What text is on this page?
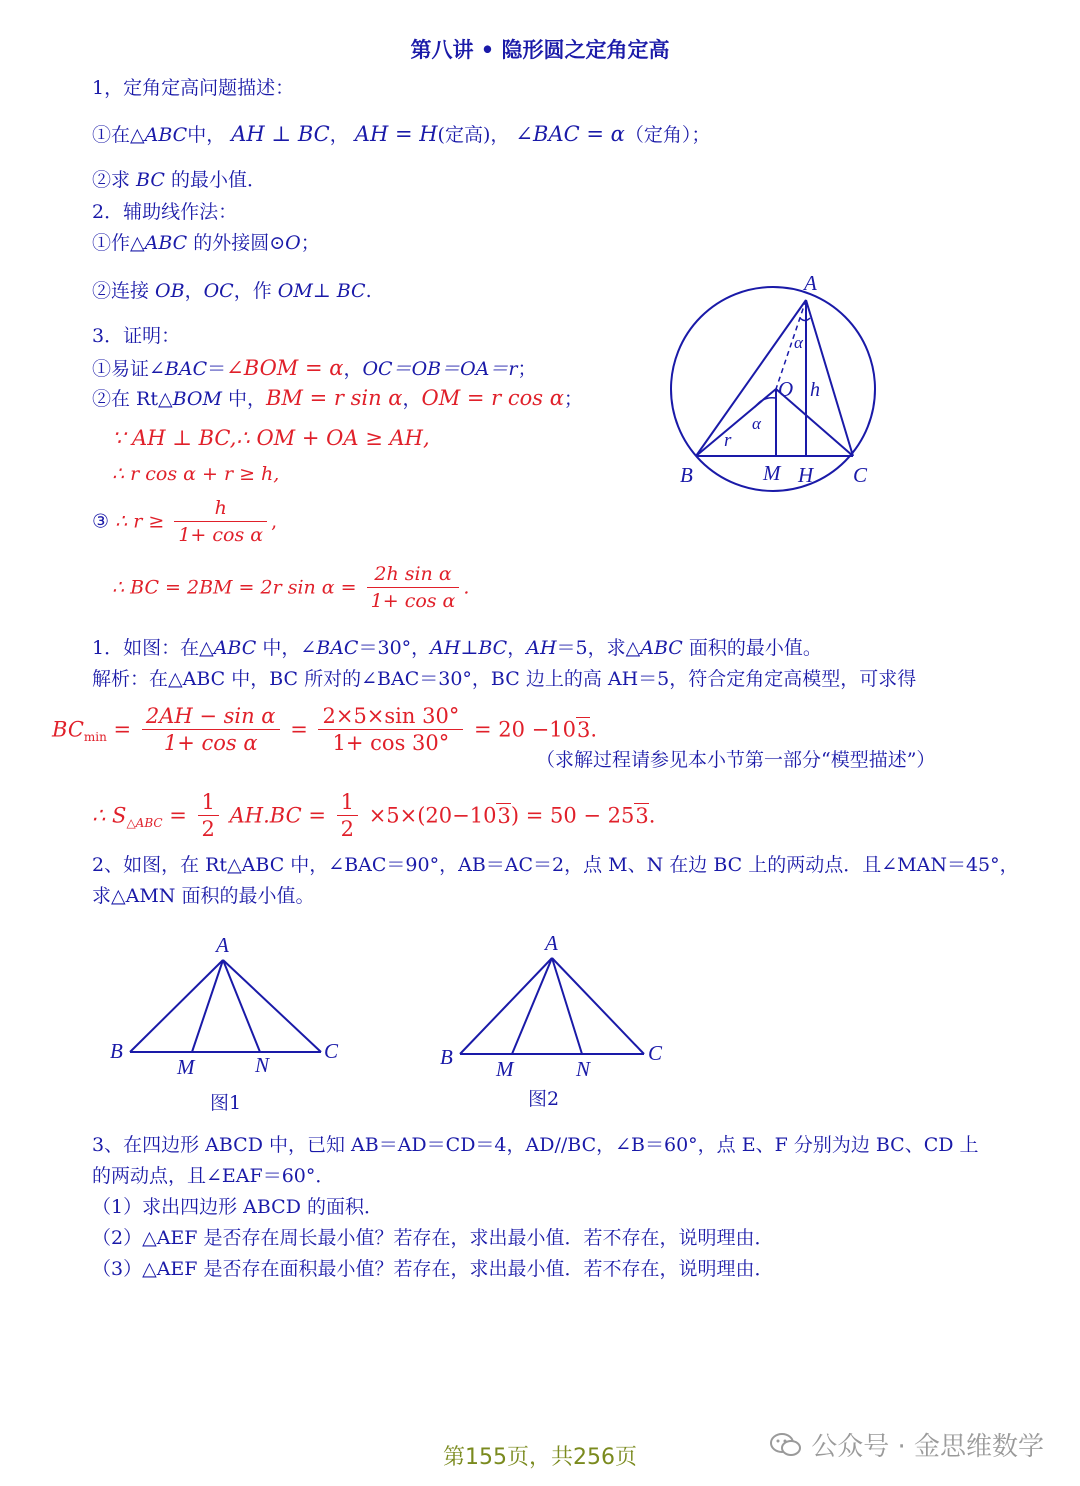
第八讲 • 隐形圆之定角定高
1，定角定高问题描述：
①在△ABC中， AH ⊥ BC， AH = H(定高)， ∠BAC = α（定角）；
②求 BC 的最小值．
2．辅助线作法：
①作△ABC 的外接圆⊙O；
②连接 OB，OC，作 OM⊥ BC.
3．证明：
①易证∠BAC＝∠BOM = α，OC＝OB＝OA＝r；
②在 Rt△BOM 中，BM = r sin α，OM = r cos α；
∵ AH ⊥ BC,∴ OM + OA ≥ AH,
∴ r cos α + r ≥ h,
③ ∴ $r \ge \frac{h}{\text{1+ cos α}}$ ,
∴ BC = 2BM = 2r $\sin \alpha = \frac{\text{2h sin α}}{\text{1+ cos α}}$ .
A
O h
α
α
r
B	M H C
1．如图：在△ABC 中，∠BAC＝30°，AH⊥BC，AH＝5，求△ABC 面积的最小值。
解析：在△ABC 中，BC 所对的∠BAC＝30°，BC 边上的高 AH＝5，符合定角定高模型，可求得
$BC_{min} = \frac{\text{2AH − sin α}}{\text{1+ cos α}} = \frac{2\times 5\times\sin 30^\circ}{1+ \cos 30^\circ} = 20 -103$.
（求解过程请参见本小节第一部分“模型描述”）
∴ $S_{\triangle ABC} = \frac{1}{2} AH.BC = \frac{1}{2} \times 5\times(20-103) = 50 - 253$.
2、如图，在 Rt△ABC 中，∠BAC＝90°，AB＝AC＝2，点 M、N 在边 BC 上的两动点．且∠MAN＝45°，
求△AMN 面积的最小值。
A
B
M	N
C
图1
A
B M	N
C
图2
3、在四边形 ABCD 中，已知 AB＝AD＝CD＝4，AD//BC，∠B＝60°，点 E、F 分别为边 BC、CD 上
的两动点，且∠EAF＝60°．
（1）求出四边形 ABCD 的面积．
（2）△AEF 是否存在周长最小值？若存在，求出最小值．若不存在，说明理由．
（3）△AEF 是否存在面积最小值？若存在，求出最小值．若不存在，说明理由．
第155页，共256页	公众号 · 金思维数学
